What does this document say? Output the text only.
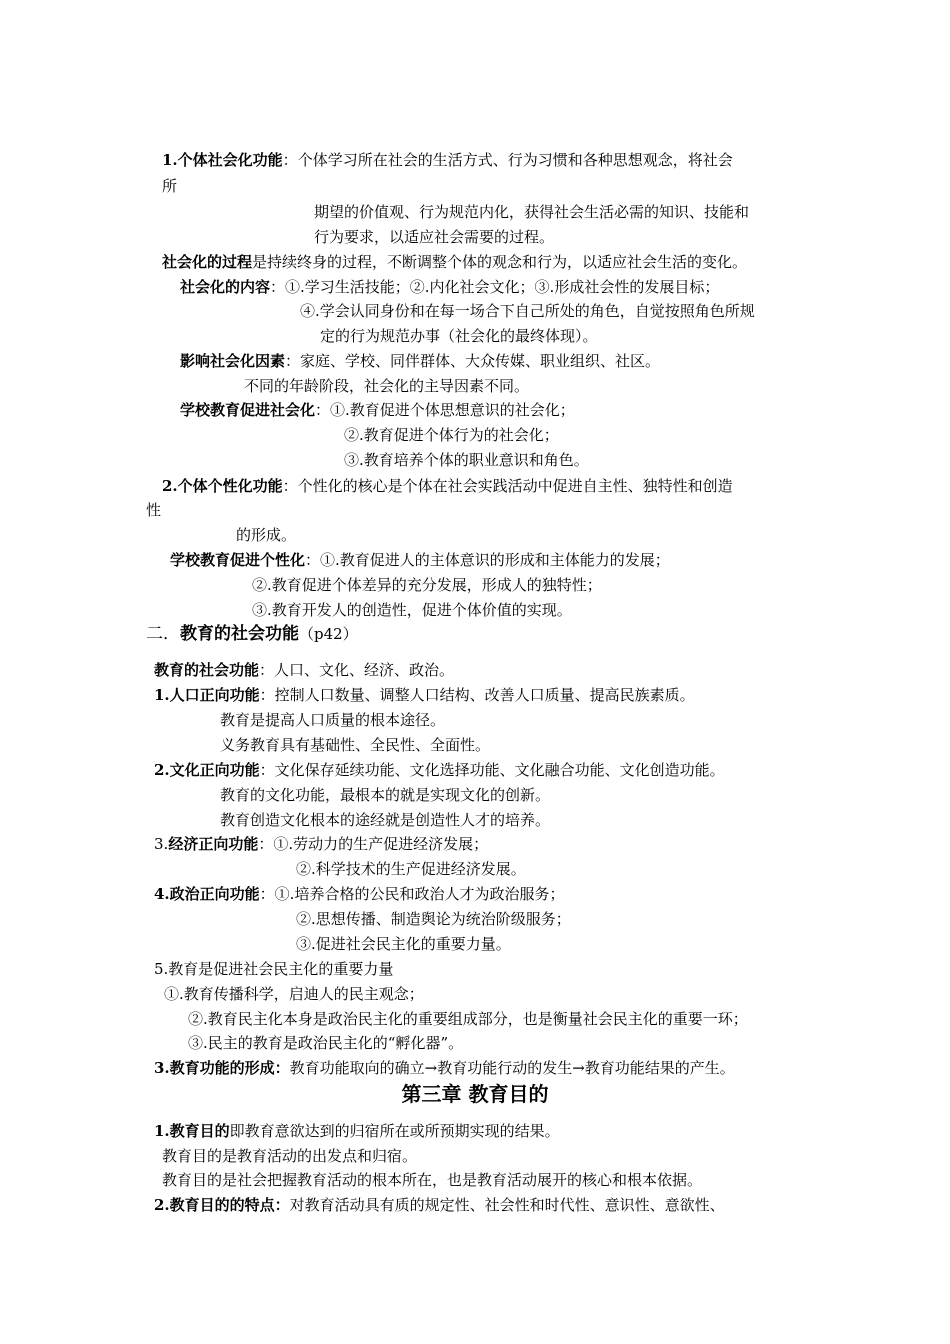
1.个体社会化功能：个体学习所在社会的生活方式、行为习惯和各种思想观念，将社会
所
期望的价值观、行为规范内化，获得社会生活必需的知识、技能和
行为要求，以适应社会需要的过程。
社会化的过程是持续终身的过程，不断调整个体的观念和行为，以适应社会生活的变化。
社会化的内容：①.学习生活技能；②.内化社会文化；③.形成社会性的发展目标；
④.学会认同身份和在每一场合下自己所处的角色，自觉按照角色所规
定的行为规范办事（社会化的最终体现）。
影响社会化因素：家庭、学校、同伴群体、大众传媒、职业组织、社区。
不同的年龄阶段，社会化的主导因素不同。
学校教育促进社会化：①.教育促进个体思想意识的社会化；
②.教育促进个体行为的社会化；
③.教育培养个体的职业意识和角色。
2.个体个性化功能：个性化的核心是个体在社会实践活动中促进自主性、独特性和创造
性
的形成。
学校教育促进个性化：①.教育促进人的主体意识的形成和主体能力的发展；
②.教育促进个体差异的充分发展，形成人的独特性；
③.教育开发人的创造性，促进个体价值的实现。
二．教育的社会功能（p42）
教育的社会功能：人口、文化、经济、政治。
1.人口正向功能：控制人口数量、调整人口结构、改善人口质量、提高民族素质。
教育是提高人口质量的根本途径。
义务教育具有基础性、全民性、全面性。
2.文化正向功能：文化保存延续功能、文化选择功能、文化融合功能、文化创造功能。
教育的文化功能，最根本的就是实现文化的创新。
教育创造文化根本的途经就是创造性人才的培养。
3.经济正向功能：①.劳动力的生产促进经济发展；
②.科学技术的生产促进经济发展。
4.政治正向功能：①.培养合格的公民和政治人才为政治服务；
②.思想传播、制造舆论为统治阶级服务；
③.促进社会民主化的重要力量。
5.教育是促进社会民主化的重要力量
①.教育传播科学，启迪人的民主观念；
②.教育民主化本身是政治民主化的重要组成部分，也是衡量社会民主化的重要一环；
③.民主的教育是政治民主化的“孵化器”。
3.教育功能的形成：教育功能取向的确立→教育功能行动的发生→教育功能结果的产生。
第三章 教育目的
1.教育目的即教育意欲达到的归宿所在或所预期实现的结果。
教育目的是教育活动的出发点和归宿。
教育目的是社会把握教育活动的根本所在，也是教育活动展开的核心和根本依据。
2.教育目的的特点：对教育活动具有质的规定性、社会性和时代性、意识性、意欲性、
